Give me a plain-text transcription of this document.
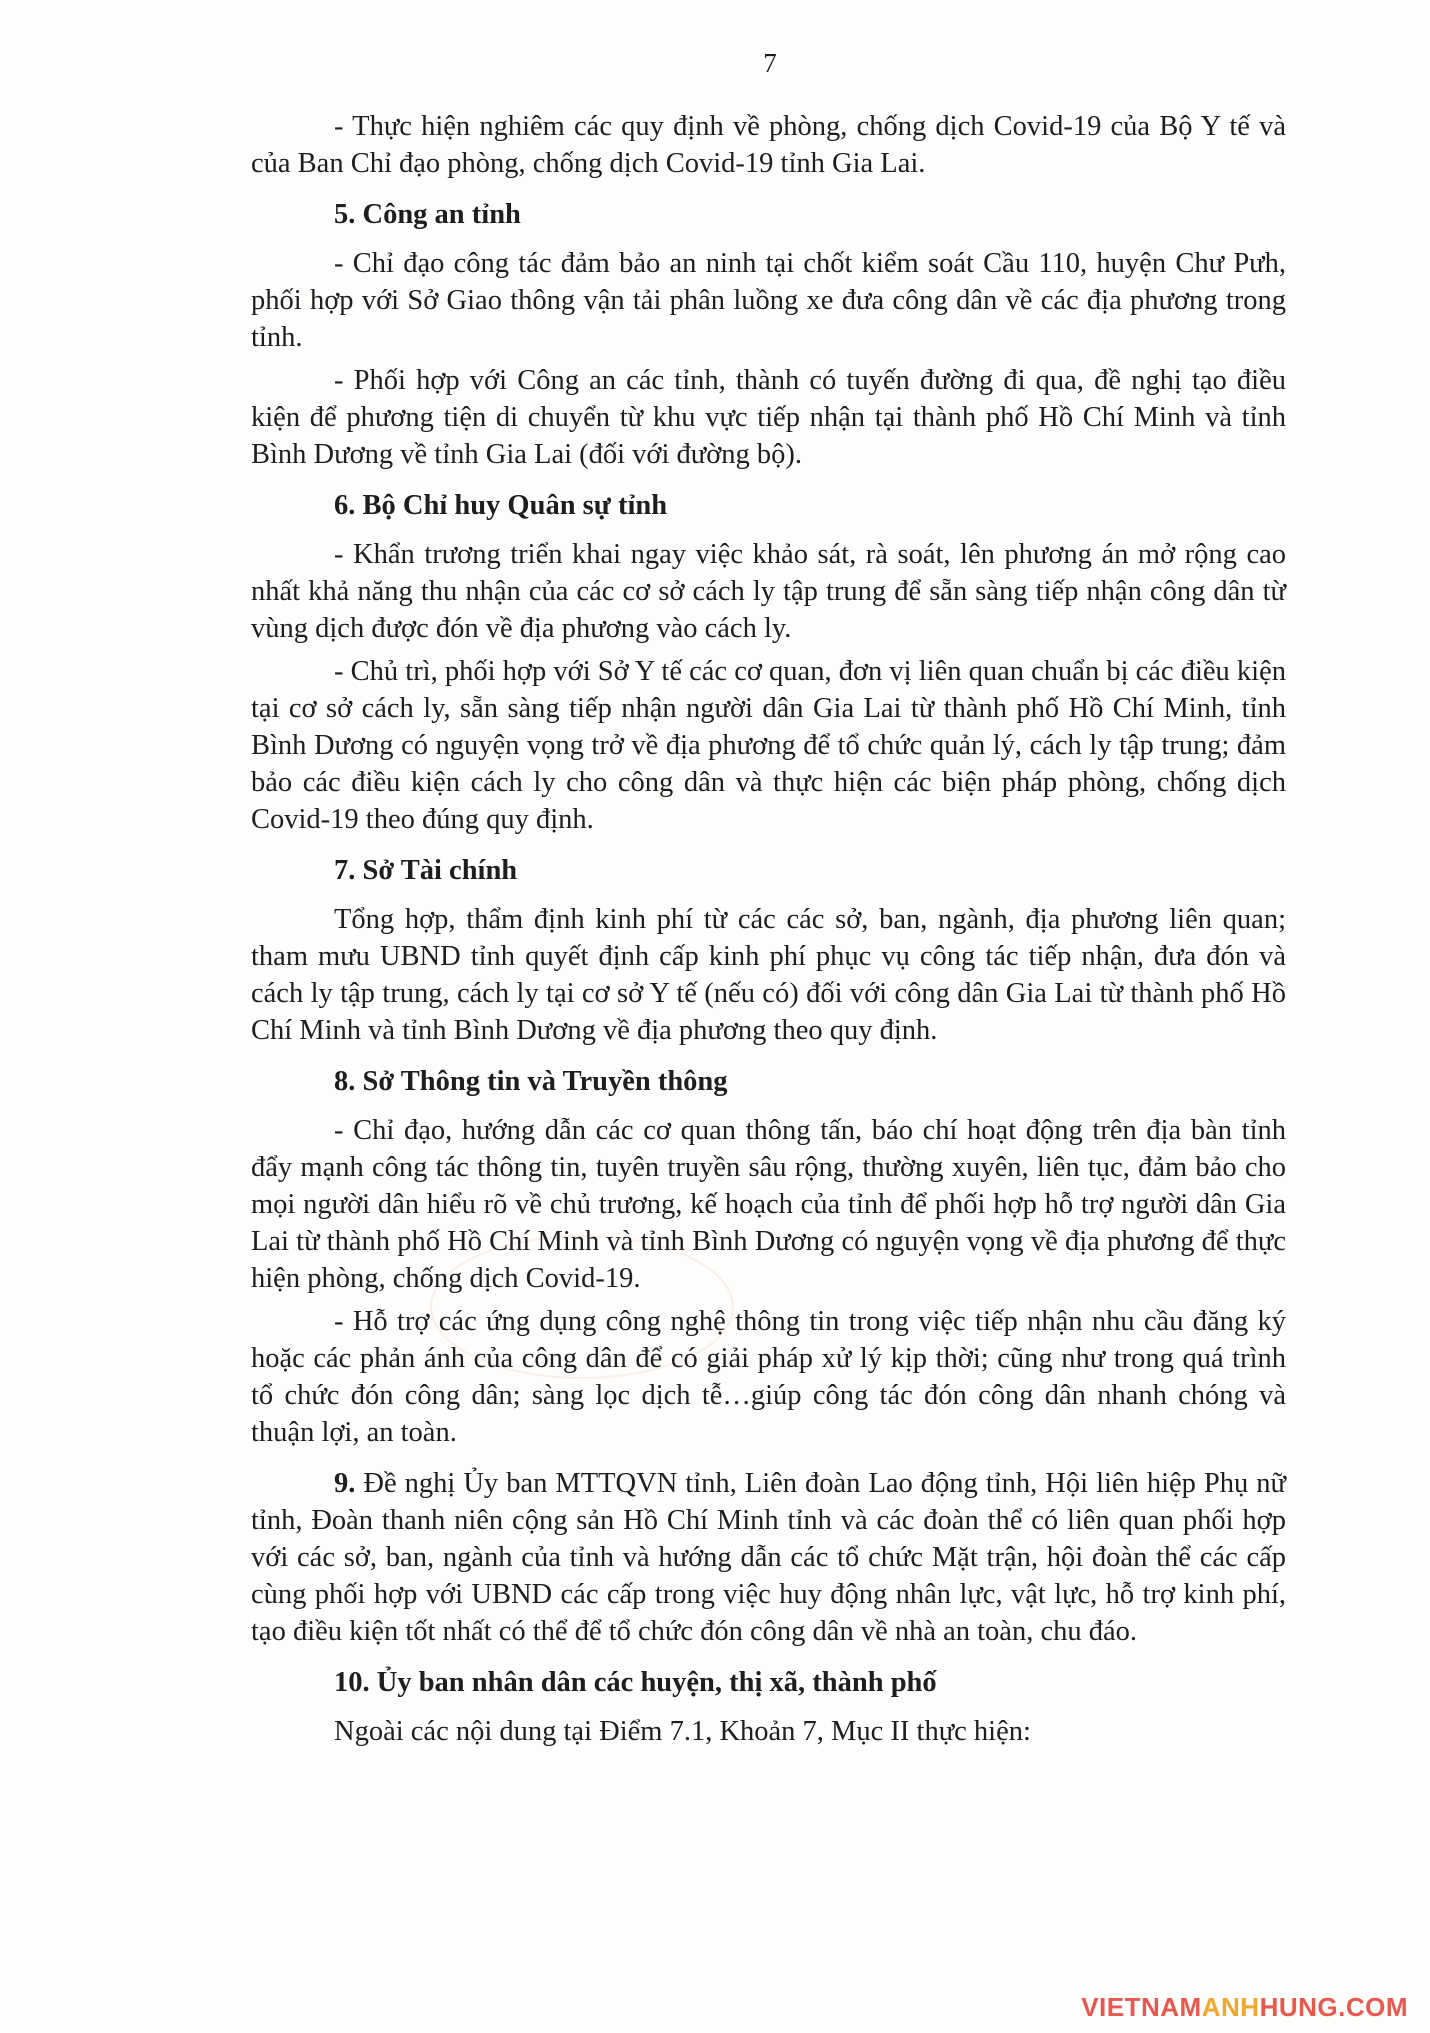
7

- Thực hiện nghiêm các quy định về phòng, chống dịch Covid-19 của Bộ Y tế và của Ban Chỉ đạo phòng, chống dịch Covid-19 tỉnh Gia Lai.

5. Công an tỉnh

- Chỉ đạo công tác đảm bảo an ninh tại chốt kiểm soát Cầu 110, huyện Chư Pưh, phối hợp với Sở Giao thông vận tải phân luồng xe đưa công dân về các địa phương trong tỉnh.

- Phối hợp với Công an các tỉnh, thành có tuyến đường đi qua, đề nghị tạo điều kiện để phương tiện di chuyển từ khu vực tiếp nhận tại thành phố Hồ Chí Minh và tỉnh Bình Dương về tỉnh Gia Lai (đối với đường bộ).

6. Bộ Chỉ huy Quân sự tỉnh

- Khẩn trương triển khai ngay việc khảo sát, rà soát, lên phương án mở rộng cao nhất khả năng thu nhận của các cơ sở cách ly tập trung để sẵn sàng tiếp nhận công dân từ vùng dịch được đón về địa phương vào cách ly.

- Chủ trì, phối hợp với Sở Y tế các cơ quan, đơn vị liên quan chuẩn bị các điều kiện tại cơ sở cách ly, sẵn sàng tiếp nhận người dân Gia Lai từ thành phố Hồ Chí Minh, tỉnh Bình Dương có nguyện vọng trở về địa phương để tổ chức quản lý, cách ly tập trung; đảm bảo các điều kiện cách ly cho công dân và thực hiện các biện pháp phòng, chống dịch Covid-19 theo đúng quy định.

7. Sở Tài chính

Tổng hợp, thẩm định kinh phí từ các các sở, ban, ngành, địa phương liên quan; tham mưu UBND tỉnh quyết định cấp kinh phí phục vụ công tác tiếp nhận, đưa đón và cách ly tập trung, cách ly tại cơ sở Y tế (nếu có) đối với công dân Gia Lai từ thành phố Hồ Chí Minh và tỉnh Bình Dương về địa phương theo quy định.

8. Sở Thông tin và Truyền thông

- Chỉ đạo, hướng dẫn các cơ quan thông tấn, báo chí hoạt động trên địa bàn tỉnh đẩy mạnh công tác thông tin, tuyên truyền sâu rộng, thường xuyên, liên tục, đảm bảo cho mọi người dân hiểu rõ về chủ trương, kế hoạch của tỉnh để phối hợp hỗ trợ người dân Gia Lai từ thành phố Hồ Chí Minh và tỉnh Bình Dương có nguyện vọng về địa phương để thực hiện phòng, chống dịch Covid-19.

- Hỗ trợ các ứng dụng công nghệ thông tin trong việc tiếp nhận nhu cầu đăng ký hoặc các phản ánh của công dân để có giải pháp xử lý kịp thời; cũng như trong quá trình tổ chức đón công dân; sàng lọc dịch tễ…giúp công tác đón công dân nhanh chóng và thuận lợi, an toàn.

9. Đề nghị Ủy ban MTTQVN tỉnh, Liên đoàn Lao động tỉnh, Hội liên hiệp Phụ nữ tỉnh, Đoàn thanh niên cộng sản Hồ Chí Minh tỉnh và các đoàn thể có liên quan phối hợp với các sở, ban, ngành của tỉnh và hướng dẫn các tổ chức Mặt trận, hội đoàn thể các cấp cùng phối hợp với UBND các cấp trong việc huy động nhân lực, vật lực, hỗ trợ kinh phí, tạo điều kiện tốt nhất có thể để tổ chức đón công dân về nhà an toàn, chu đáo.

10. Ủy ban nhân dân các huyện, thị xã, thành phố

Ngoài các nội dung tại Điểm 7.1, Khoản 7, Mục II thực hiện:

VIETNAMANHHUNG.COM
